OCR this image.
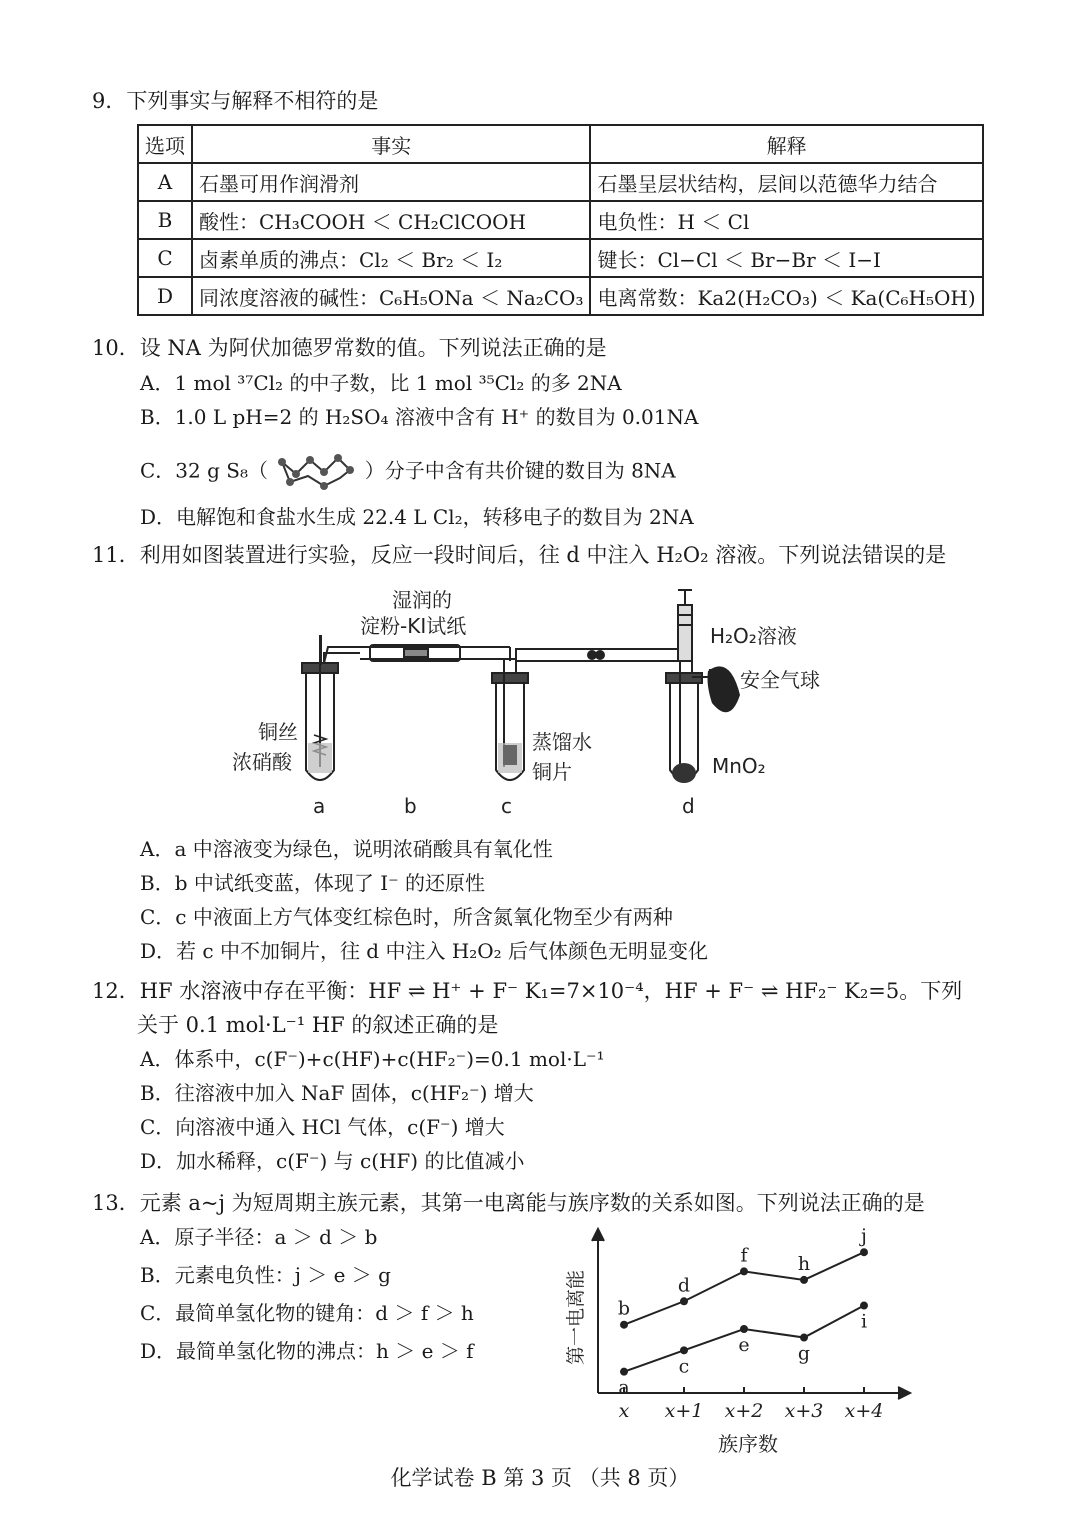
9．下列事实与解释不相符的是
选项	事实	解释
A	石墨可用作润滑剂	石墨呈层状结构，层间以范德华力结合
B	酸性：CH₃COOH ＜ CH₂ClCOOH	电负性：H ＜ Cl
C	卤素单质的沸点：Cl₂ ＜ Br₂ ＜ I₂	键长：Cl−Cl ＜ Br−Br ＜ I−I
D	同浓度溶液的碱性：C₆H₅ONa ＜ Na₂CO₃	电离常数：Ka2(H₂CO₃) ＜ Ka(C₆H₅OH)
10．设 NA 为阿伏加德罗常数的值。下列说法正确的是
A．1 mol ³⁷Cl₂ 的中子数，比 1 mol ³⁵Cl₂ 的多 2NA
B．1.0 L pH=2 的 H₂SO₄ 溶液中含有 H⁺ 的数目为 0.01NA
C．32 g S₈（	）分子中含有共价键的数目为 8NA
D．电解饱和食盐水生成 22.4 L Cl₂，转移电子的数目为 2NA
11．利用如图装置进行实验，反应一段时间后，往 d 中注入 H₂O₂ 溶液。下列说法错误的是
湿润的
淀粉-KI试纸	H₂O₂溶液
安全气球
铜丝
浓硝酸
蒸馏水
铜片	MnO₂
a	b	c	d
A．a 中溶液变为绿色，说明浓硝酸具有氧化性
B．b 中试纸变蓝，体现了 I⁻ 的还原性
C．c 中液面上方气体变红棕色时，所含氮氧化物至少有两种
D．若 c 中不加铜片，往 d 中注入 H₂O₂ 后气体颜色无明显变化
12．HF 水溶液中存在平衡：HF ⇌ H⁺ + F⁻ K₁=7×10⁻⁴，HF + F⁻ ⇌ HF₂⁻ K₂=5。下列
关于 0.1 mol·L⁻¹ HF 的叙述正确的是
A．体系中，c(F⁻)+c(HF)+c(HF₂⁻)=0.1 mol·L⁻¹
B．往溶液中加入 NaF 固体，c(HF₂⁻) 增大
C．向溶液中通入 HCl 气体，c(F⁻) 增大
D．加水稀释，c(F⁻) 与 c(HF) 的比值减小
13．元素 a~j 为短周期主族元素，其第一电离能与族序数的关系如图。下列说法正确的是
A．原子半径：a ＞ d ＞ b
B．元素电负性：j ＞ e ＞ g
C．最简单氢化物的键角：d ＞ f ＞ h
D．最简单氢化物的沸点：h ＞ e ＞ f
x x+1 x+2 x+3 x+4
b
d
f	h
j
a
c
e	g
i
第一电离能
族序数
化学试卷 B 第 3 页 （共 8 页）
